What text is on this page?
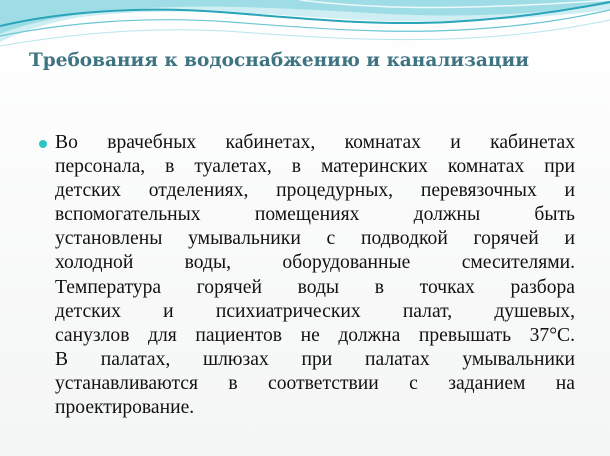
Требования к водоснабжению и канализации

Во врачебных кабинетах, комнатах и кабинетах
персонала, в туалетах, в материнских комнатах при
детских отделениях, процедурных, перевязочных и
вспомогательных помещениях должны быть
установлены умывальники с подводкой горячей и
холодной воды, оборудованные смесителями.
Температура горячей воды в точках разбора
детских и психиатрических палат, душевых,
санузлов для пациентов не должна превышать 37°С.
В палатах, шлюзах при палатах умывальники
устанавливаются в соответствии с заданием на
проектирование.
